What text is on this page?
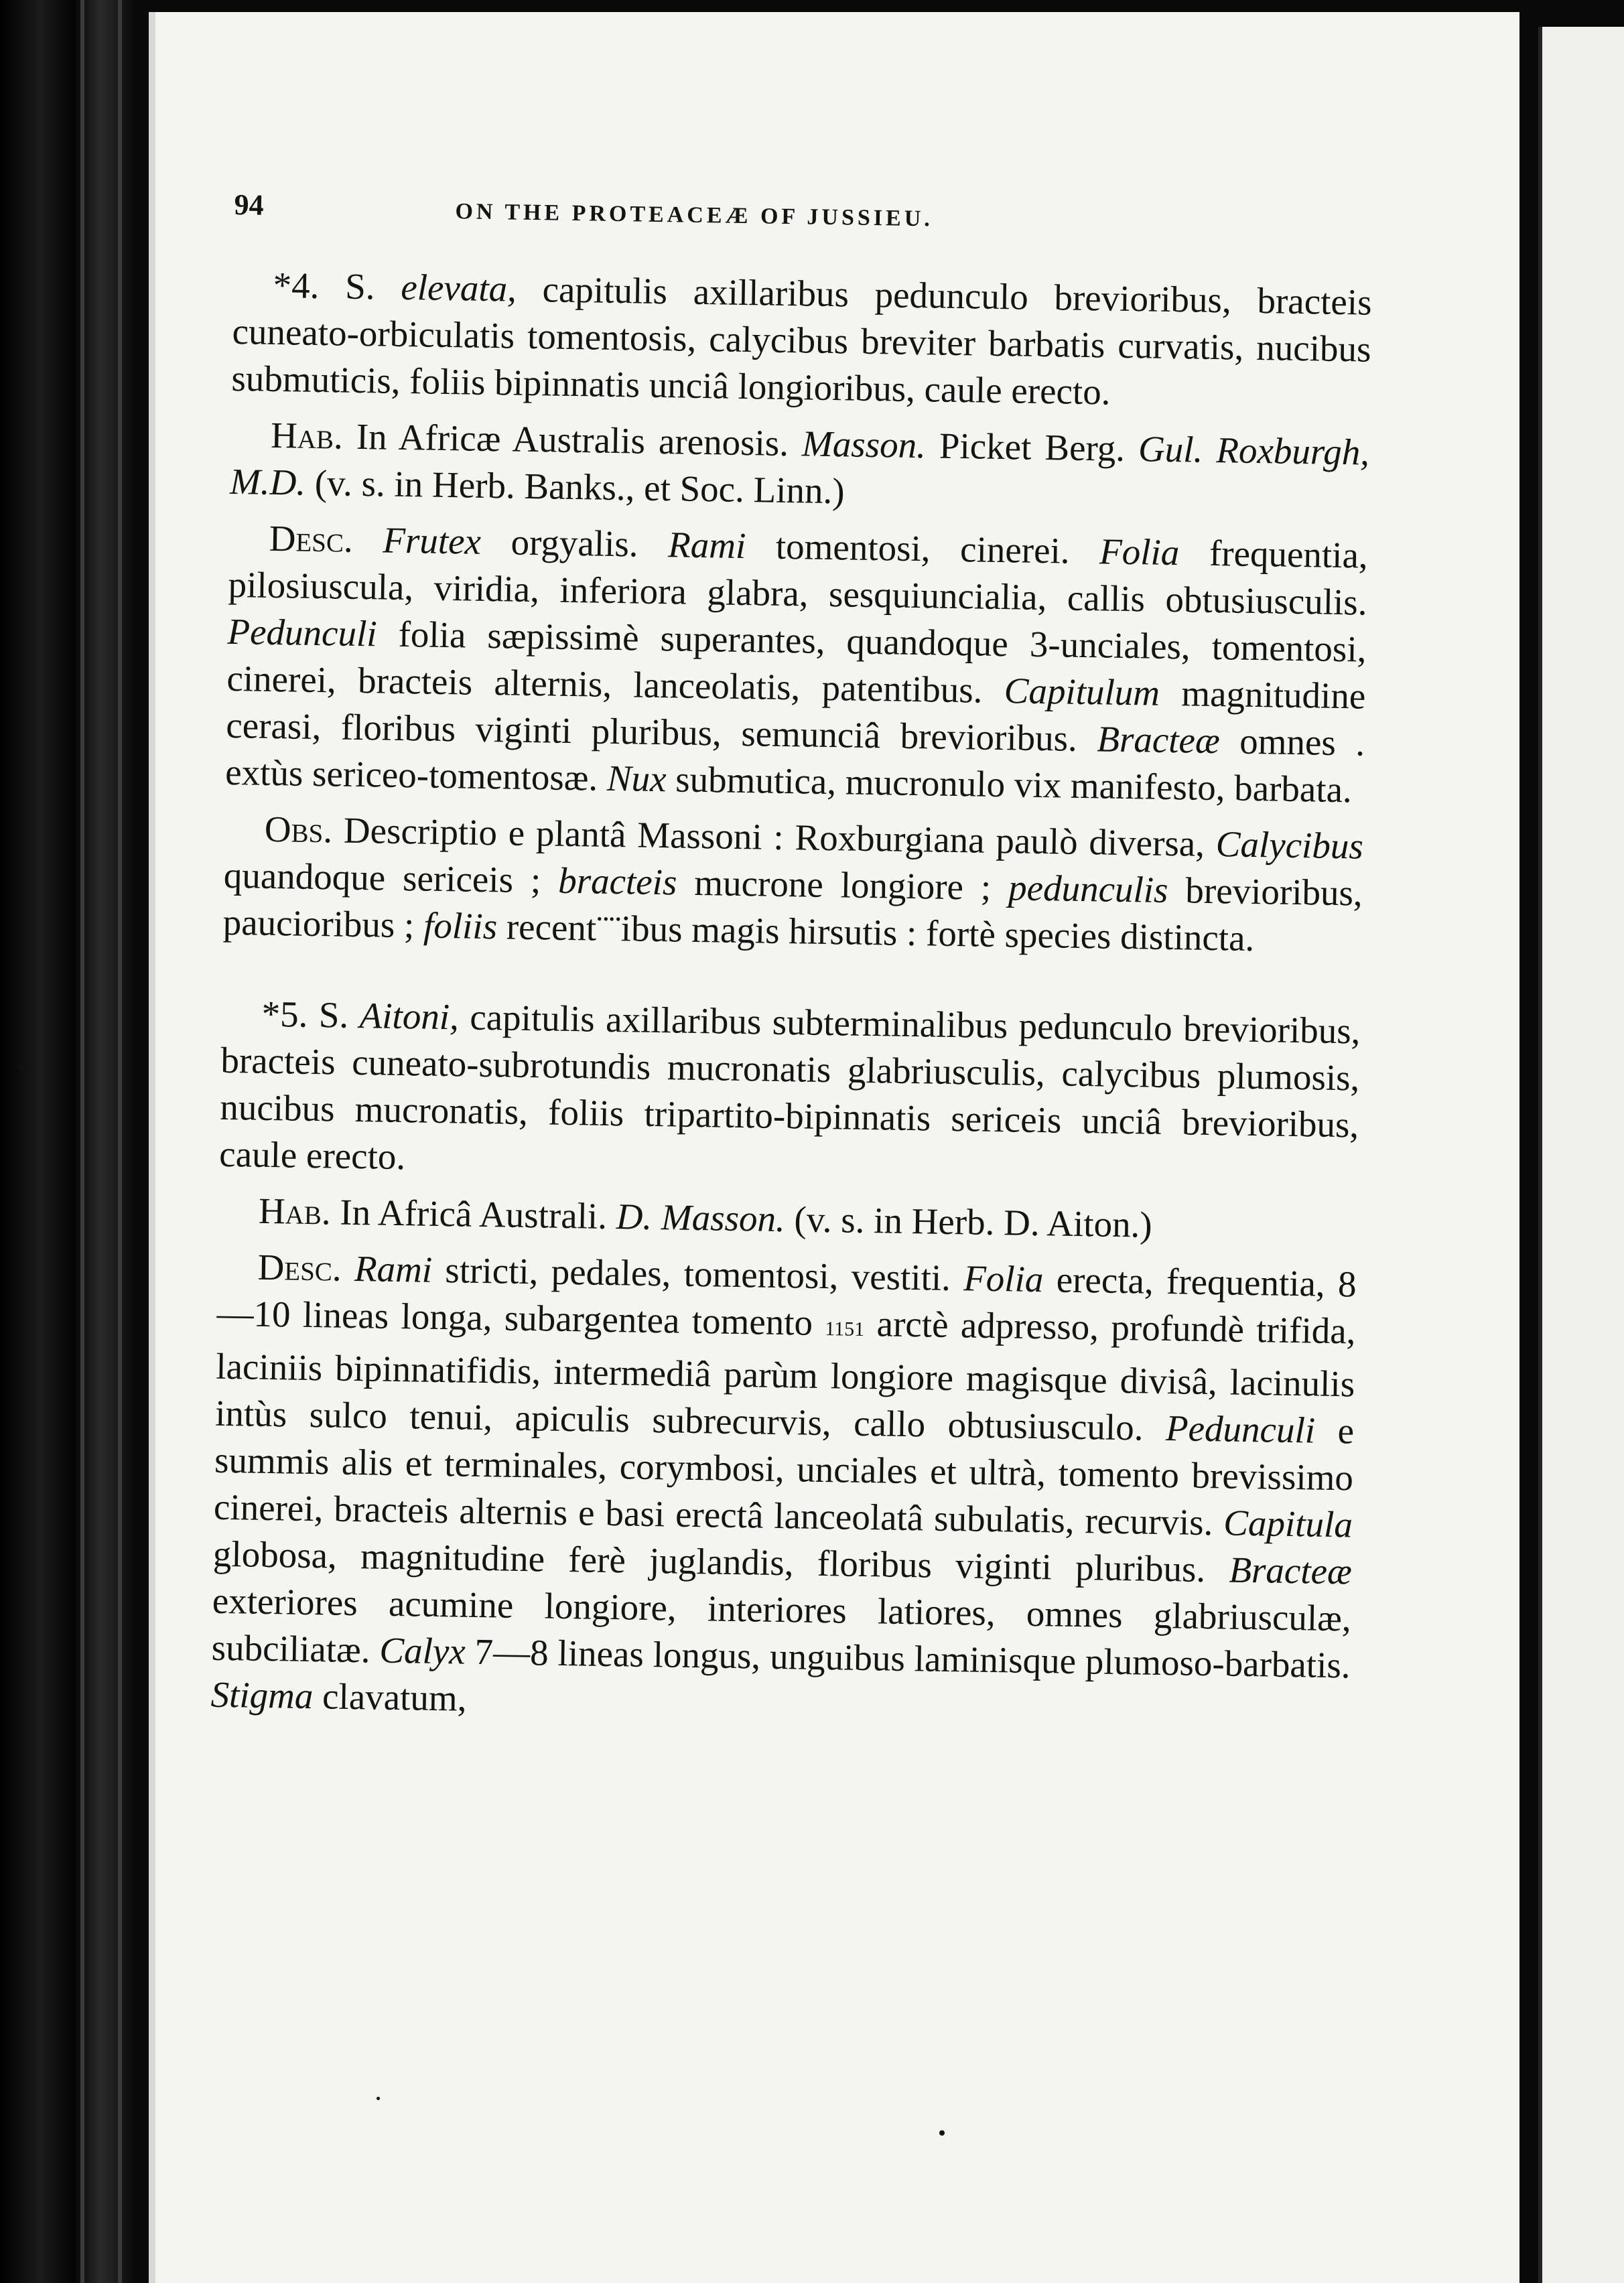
94	ON THE PROTEACEÆ OF JUSSIEU.

*4. S. elevata, capitulis axillaribus pedunculo brevioribus, bracteis cuneato-orbiculatis tomentosis, calycibus breviter barbatis curvatis, nucibus submuticis, foliis bipinnatis unciâ longioribus, caule erecto.

Hab. In Africæ Australis arenosis. Masson. Picket Berg. Gul. Roxburgh, M.D. (v. s. in Herb. Banks., et Soc. Linn.)

Desc. Frutex orgyalis. Rami tomentosi, cinerei. Folia frequentia, pilosiuscula, viridia, inferiora glabra, sesquiuncialia, callis obtusiusculis. Pedunculi folia sæpissimè superantes, quandoque 3-unciales, tomentosi, cinerei, bracteis alternis, lanceolatis, patentibus. Capitulum magnitudine cerasi, floribus viginti pluribus, semunciâ brevioribus. Bracteæ omnes . extùs sericeo-tomentosæ. Nux submutica, mucronulo vix manifesto, barbata.

Obs. Descriptio e plantâ Massoni : Roxburgiana paulò diversa, Calycibus quandoque sericeis ; bracteis mucrone longiore ; pedunculis brevioribus, paucioribus ; foliis recent¨¨ibus magis hirsutis : fortè species distincta.

*5. S. Aitoni, capitulis axillaribus subterminalibus pedunculo brevioribus, bracteis cuneato-subrotundis mucronatis glabriusculis, calycibus plumosis, nucibus mucronatis, foliis tripartito-bipinnatis sericeis unciâ brevioribus, caule erecto.

Hab. In Africâ Australi. D. Masson. (v. s. in Herb. D. Aiton.)

Desc. Rami stricti, pedales, tomentosi, vestiti. Folia erecta, frequentia, 8—10 lineas longa, subargentea tomento 1151 arctè adpresso, profundè trifida, laciniis bipinnatifidis, intermediâ parùm longiore magisque divisâ, lacinulis intùs sulco tenui, apiculis subrecurvis, callo obtusiusculo. Pedunculi e summis alis et terminales, corymbosi, unciales et ultrà, tomento brevissimo cinerei, bracteis alternis e basi erectâ lanceolatâ subulatis, recurvis. Capitula globosa, magnitudine ferè juglandis, floribus viginti pluribus. Bracteæ exteriores acumine longiore, interiores latiores, omnes glabriusculæ, subciliatæ. Calyx 7—8 lineas longus, unguibus laminisque plumoso-barbatis. Stigma clavatum,
